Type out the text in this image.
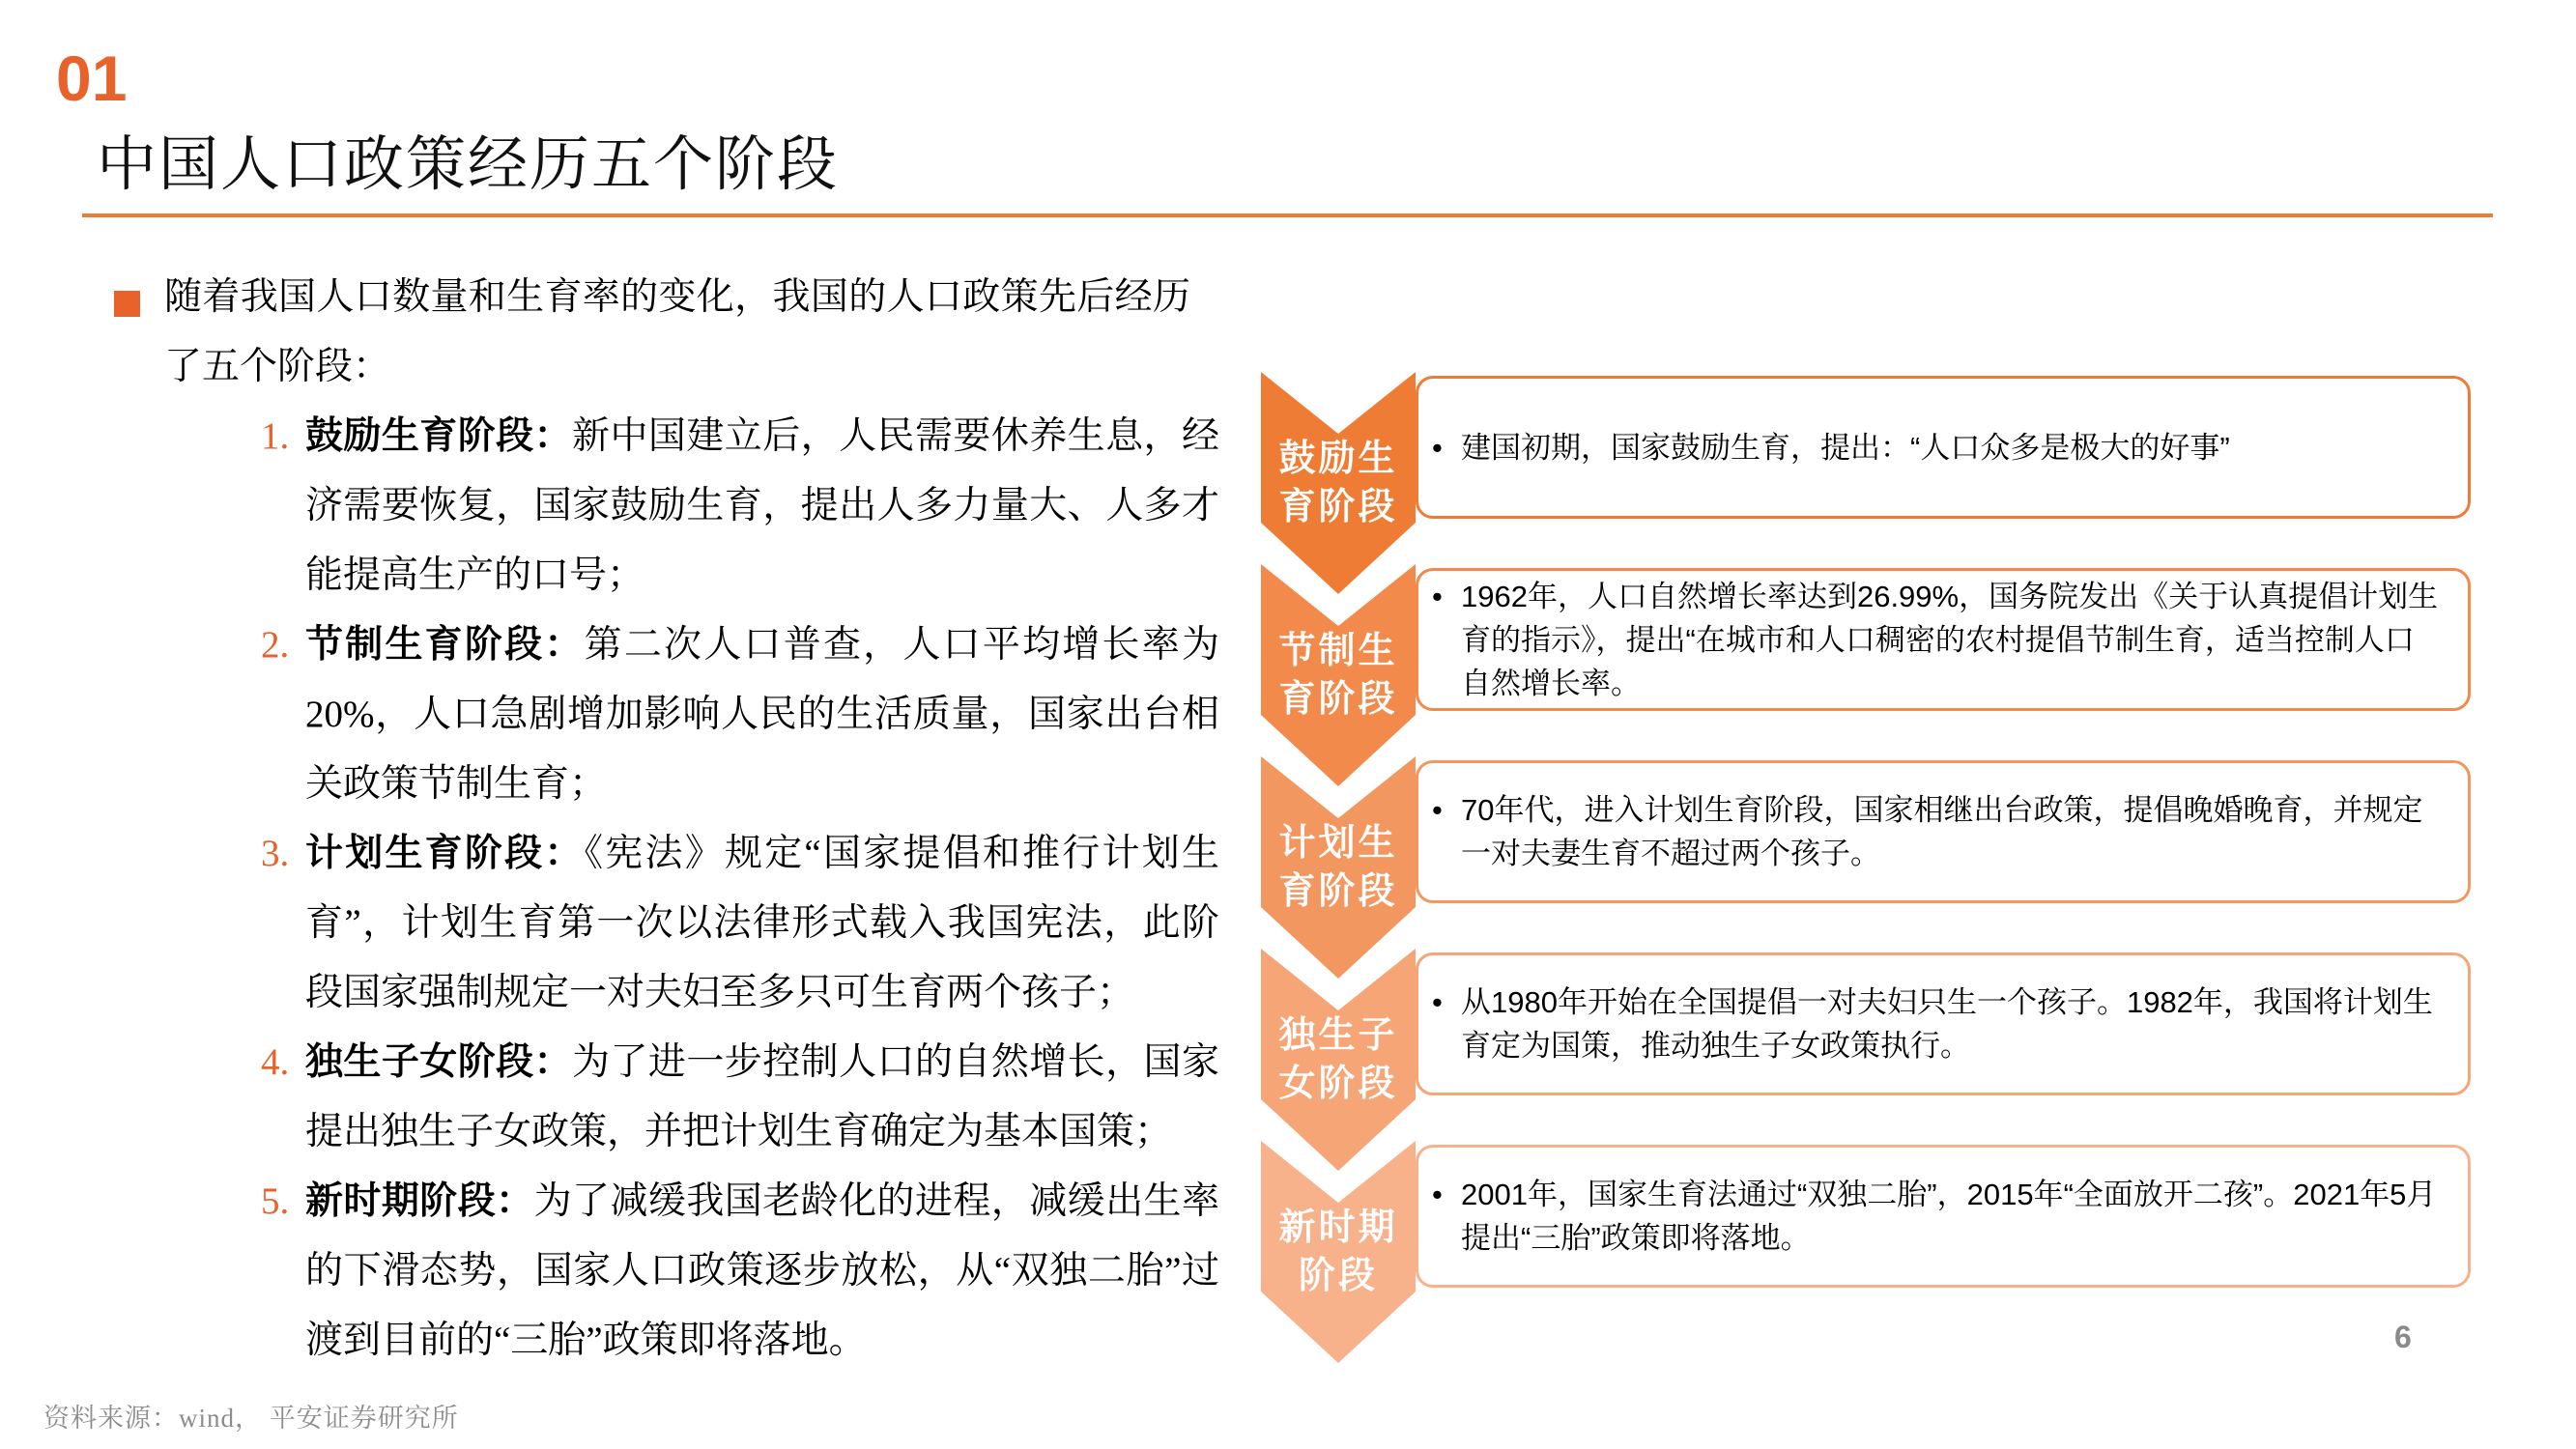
01
中国人口政策经历五个阶段
随着我国人口数量和生育率的变化，我国的人口政策先后经历了五个阶段：
1. 鼓励生育阶段：新中国建立后，人民需要休养生息，经济需要恢复，国家鼓励生育，提出人多力量大、人多才能提高生产的口号；
2. 节制生育阶段：第二次人口普查，人口平均增长率为20%，人口急剧增加影响人民的生活质量，国家出台相关政策节制生育；
3. 计划生育阶段：《宪法》规定“国家提倡和推行计划生育”，计划生育第一次以法律形式载入我国宪法，此阶段国家强制规定一对夫妇至多只可生育两个孩子；
4. 独生子女阶段：为了进一步控制人口的自然增长，国家提出独生子女政策，并把计划生育确定为基本国策；
5. 新时期阶段：为了减缓我国老龄化的进程，减缓出生率的下滑态势，国家人口政策逐步放松，从“双独二胎”过渡到目前的“三胎”政策即将落地。
鼓励生
育阶段
• 建国初期，国家鼓励生育，提出：“人口众多是极大的好事”
节制生
育阶段
• 1962年，人口自然增长率达到26.99%，国务院发出《关于认真提倡计划生育的指示》，提出“在城市和人口稠密的农村提倡节制生育，适当控制人口自然增长率。
计划生
育阶段
• 70年代，进入计划生育阶段，国家相继出台政策，提倡晚婚晚育，并规定一对夫妻生育不超过两个孩子。
独生子
女阶段
• 从1980年开始在全国提倡一对夫妇只生一个孩子。1982年，我国将计划生育定为国策，推动独生子女政策执行。
新时期
阶段
• 2001年，国家生育法通过“双独二胎”，2015年“全面放开二孩”。2021年5月提出“三胎”政策即将落地。
资料来源：wind， 平安证券研究所
6
